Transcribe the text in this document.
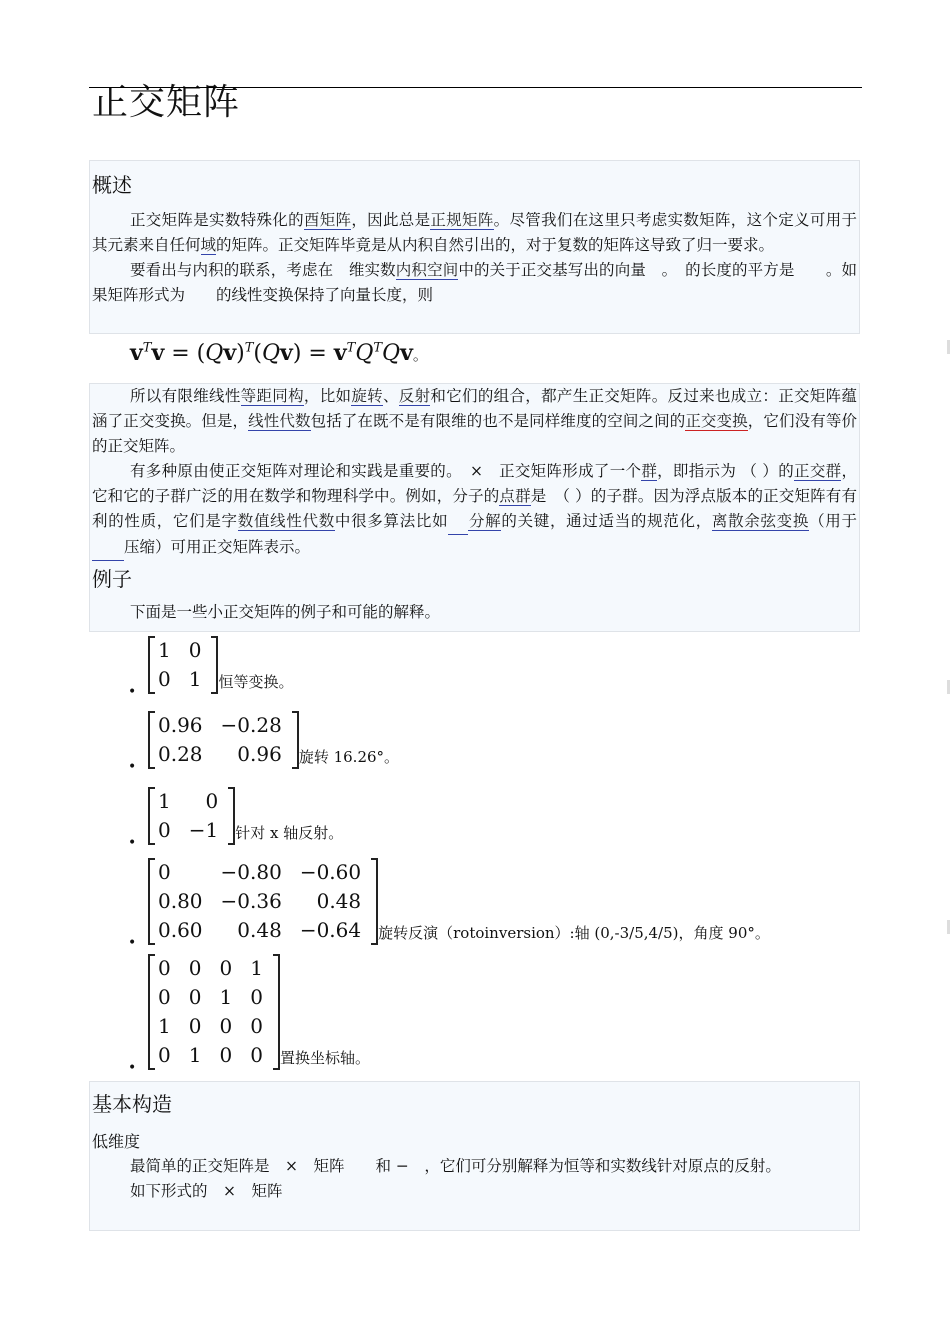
正交矩阵
概述

正交矩阵是实数特殊化的酉矩阵，因此总是正规矩阵。尽管我们在这里只考虑实数矩阵，这个定义可用于其元素来自任何域的矩阵。正交矩阵毕竟是从内积自然引出的，对于复数的矩阵这导致了归一要求。

要看出与内积的联系，考虑在　维实数内积空间中的关于正交基写出的向量　。　的长度的平方是　　。如果矩阵形式为　　的线性变换保持了向量长度，则

$v^Tv = (Qv)^T(Qv) = v^TQ^TQv$。

所以有限维线性等距同构，比如旋转、反射和它们的组合，都产生正交矩阵。反过来也成立：正交矩阵蕴涵了正交变换。但是，线性代数包括了在既不是有限维的也不是同样维度的空间之间的正交变换，它们没有等价的正交矩阵。

有多种原由使正交矩阵对理论和实践是重要的。　×　正交矩阵形成了一个群，即指示为 （ ）的正交群，它和它的子群广泛的用在数学和物理科学中。例如，分子的点群是　（ ）的子群。因为浮点版本的正交矩阵有有利的性质，它们是字数值线性代数中很多算法比如 分解的关键，通过适当的规范化，离散余弦变换（用于 压缩）可用正交矩阵表示。

例子

下面是一些小正交矩阵的例子和可能的解释。

•
1	0
0	1 恒等变换。
•
0.96	−0.28
0.28	0.96 旋转 16.26°。
•
1	0
0	−1 针对 x 轴反射。
•
0	−0.80	−0.60
0.80	−0.36	0.48
0.60	0.48	−0.64 旋转反演（rotoinversion）:轴 (0,-3/5,4/5)，角度 90°。
•
0	0	0	1
0	0	1	0
1	0	0	0
0	1	0	0 置换坐标轴。
基本构造
低维度

最简单的正交矩阵是　×　矩阵　　和 −　，它们可分别解释为恒等和实数线针对原点的反射。

如下形式的　×　矩阵
